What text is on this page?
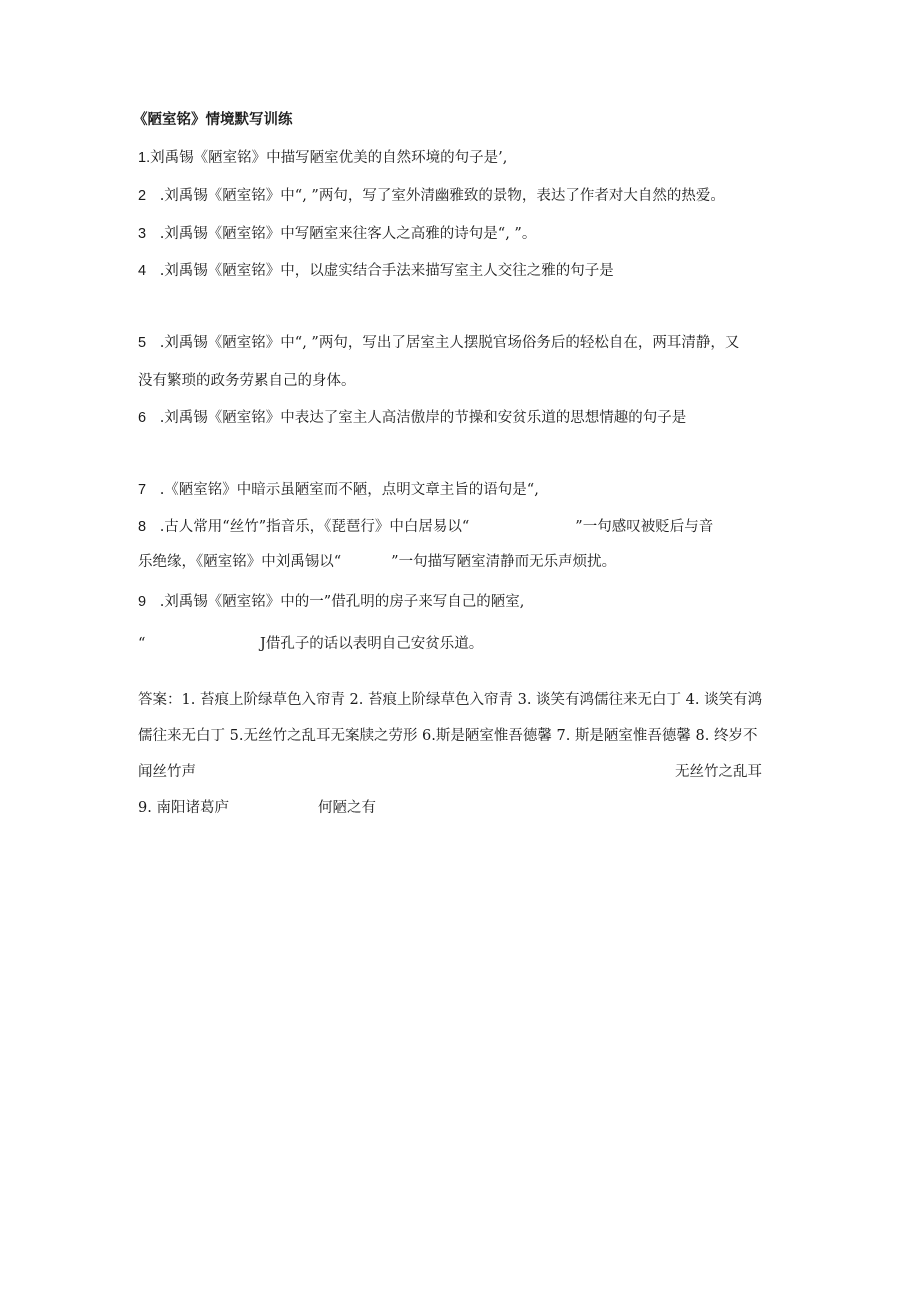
《陋室铭》情境默写训练
1.刘禹锡《陋室铭》中描写陋室优美的自然环境的句子是’,
2 .刘禹锡《陋室铭》中“, ”两句，写了室外清幽雅致的景物，表达了作者对大自然的热爱。
3 .刘禹锡《陋室铭》中写陋室来往客人之高雅的诗句是“, ”。
4 .刘禹锡《陋室铭》中，以虚实结合手法来描写室主人交往之雅的句子是
5 .刘禹锡《陋室铭》中“, ”两句，写出了居室主人摆脱官场俗务后的轻松自在，两耳清静，又
没有繁琐的政务劳累自己的身体。
6 .刘禹锡《陋室铭》中表达了室主人高洁傲岸的节操和安贫乐道的思想情趣的句子是
7 .《陋室铭》中暗示虽陋室而不陋，点明文章主旨的语句是“,
8 .古人常用“丝竹”指音乐，《琵琶行》中白居易以“	”一句感叹被贬后与音
乐绝缘，《陋室铭》中刘禹锡以“	”一句描写陋室清静而无乐声烦扰。
9 .刘禹锡《陋室铭》中的一”借孔明的房子来写自己的陋室,
“	J借孔子的话以表明自己安贫乐道。
答案：1. 苔痕上阶绿草色入帘青 2. 苔痕上阶绿草色入帘青 3. 谈笑有鸿儒往来无白丁 4. 谈笑有鸿
儒往来无白丁 5.无丝竹之乱耳无案牍之劳形 6.斯是陋室惟吾德馨 7. 斯是陋室惟吾德馨 8. 终岁不
闻丝竹声	无丝竹之乱耳
9. 南阳诸葛庐	何陋之有
